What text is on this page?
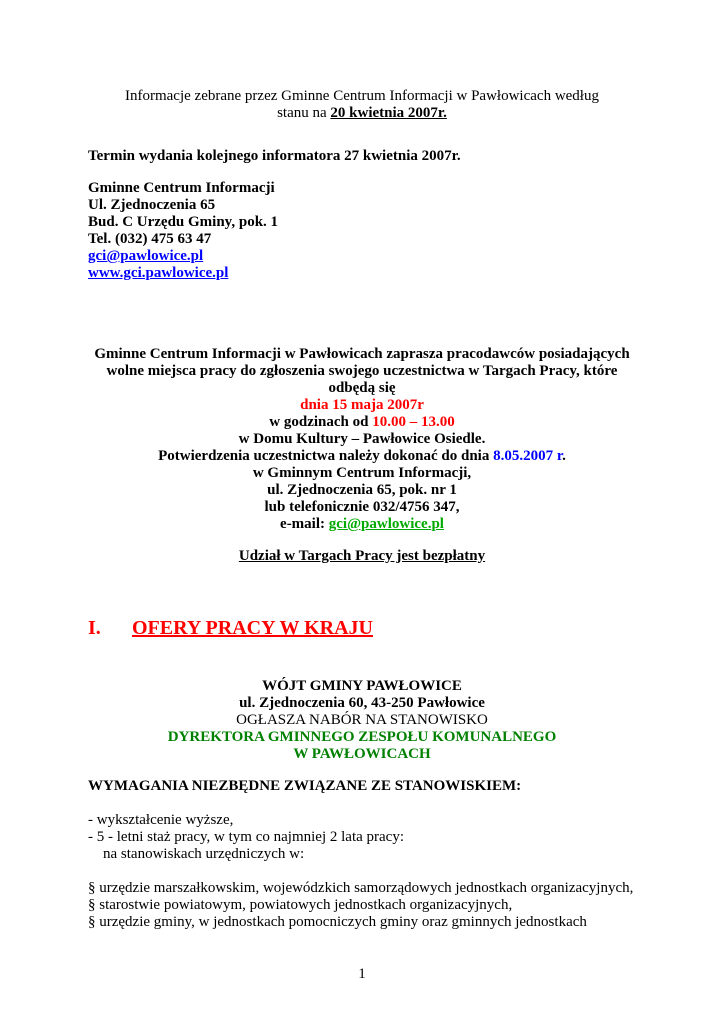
Informacje zebrane przez Gminne Centrum Informacji w Pawłowicach według
stanu na 20 kwietnia 2007r.
Termin wydania kolejnego informatora 27 kwietnia 2007r.
Gminne Centrum Informacji
Ul. Zjednoczenia 65
Bud. C Urzędu Gminy, pok. 1
Tel. (032) 475 63 47
gci@pawlowice.pl
www.gci.pawlowice.pl
Gminne Centrum Informacji w Pawłowicach zaprasza pracodawców posiadających
wolne miejsca pracy do zgłoszenia swojego uczestnictwa w Targach Pracy, które
odbędą się
dnia 15 maja 2007r
w godzinach od 10.00 – 13.00
w Domu Kultury – Pawłowice Osiedle.
Potwierdzenia uczestnictwa należy dokonać do dnia 8.05.2007 r.
w Gminnym Centrum Informacji,
ul. Zjednoczenia 65, pok. nr 1
lub telefonicznie 032/4756 347,
e-mail: gci@pawlowice.pl
Udział w Targach Pracy jest bezpłatny
I. OFERY PRACY W KRAJU
WÓJT GMINY PAWŁOWICE
ul. Zjednoczenia 60, 43-250 Pawłowice
OGŁASZA NABÓR NA STANOWISKO
DYREKTORA GMINNEGO ZESPOŁU KOMUNALNEGO
W PAWŁOWICACH
WYMAGANIA NIEZBĘDNE ZWIĄZANE ZE STANOWISKIEM:
- wykształcenie wyższe,
- 5 - letni staż pracy, w tym co najmniej 2 lata pracy:
na stanowiskach urzędniczych w:
§ urzędzie marszałkowskim, wojewódzkich samorządowych jednostkach organizacyjnych,
§ starostwie powiatowym, powiatowych jednostkach organizacyjnych,
§ urzędzie gminy, w jednostkach pomocniczych gminy oraz gminnych jednostkach
1
